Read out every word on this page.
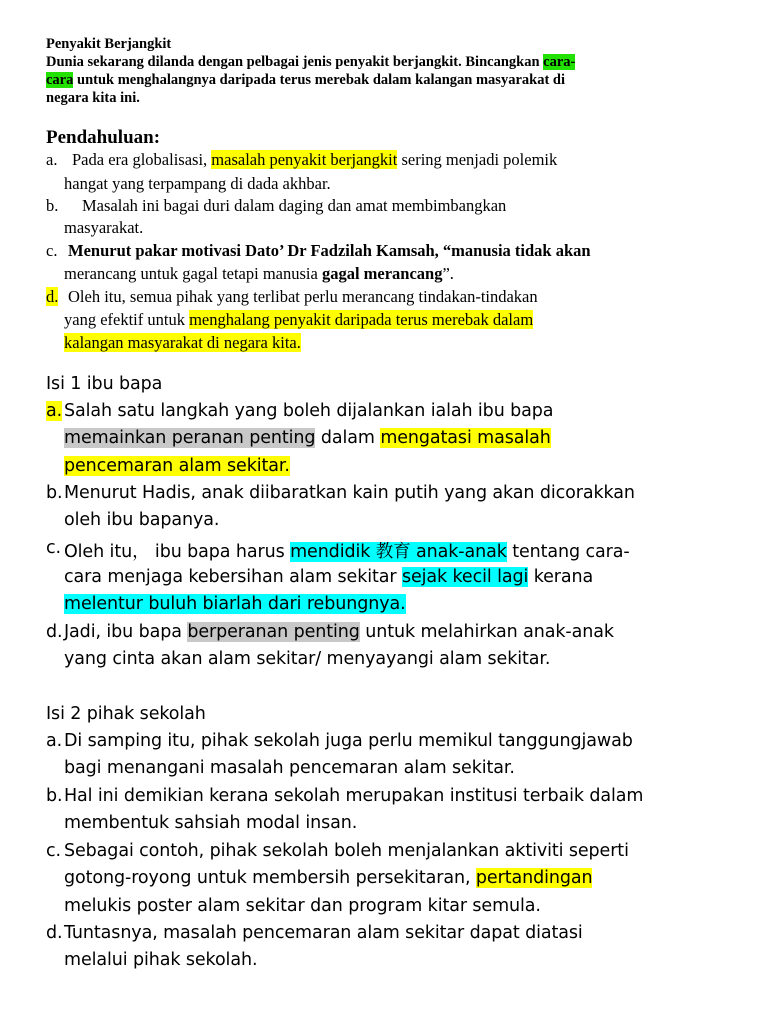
Penyakit Berjangkit
Dunia sekarang dilanda dengan pelbagai jenis penyakit berjangkit. Bincangkan cara-
cara untuk menghalangnya daripada terus merebak dalam kalangan masyarakat di
negara kita ini.
Pendahuluan:
a. Pada era globalisasi, masalah penyakit berjangkit sering menjadi polemik
hangat yang terpampang di dada akhbar.
b. Masalah ini bagai duri dalam daging dan amat membimbangkan
masyarakat.
c. Menurut pakar motivasi Dato’ Dr Fadzilah Kamsah, “manusia tidak akan
merancang untuk gagal tetapi manusia gagal merancang”.
d. Oleh itu, semua pihak yang terlibat perlu merancang tindakan-tindakan
yang efektif untuk menghalang penyakit daripada terus merebak dalam
kalangan masyarakat di negara kita.
Isi 1 ibu bapa
a. Salah satu langkah yang boleh dijalankan ialah ibu bapa
memainkan peranan penting dalam mengatasi masalah
pencemaran alam sekitar.
b. Menurut Hadis, anak diibaratkan kain putih yang akan dicorakkan
oleh ibu bapanya.
c. Oleh itu， ibu bapa harus mendidik 教育 anak-anak tentang cara-
cara menjaga kebersihan alam sekitar sejak kecil lagi kerana
melentur buluh biarlah dari rebungnya.
d. Jadi, ibu bapa berperanan penting untuk melahirkan anak-anak
yang cinta akan alam sekitar/ menyayangi alam sekitar.
Isi 2 pihak sekolah
a. Di samping itu, pihak sekolah juga perlu memikul tanggungjawab
bagi menangani masalah pencemaran alam sekitar.
b. Hal ini demikian kerana sekolah merupakan institusi terbaik dalam
membentuk sahsiah modal insan.
c. Sebagai contoh, pihak sekolah boleh menjalankan aktiviti seperti
gotong-royong untuk membersih persekitaran, pertandingan
melukis poster alam sekitar dan program kitar semula.
d. Tuntasnya, masalah pencemaran alam sekitar dapat diatasi
melalui pihak sekolah.
